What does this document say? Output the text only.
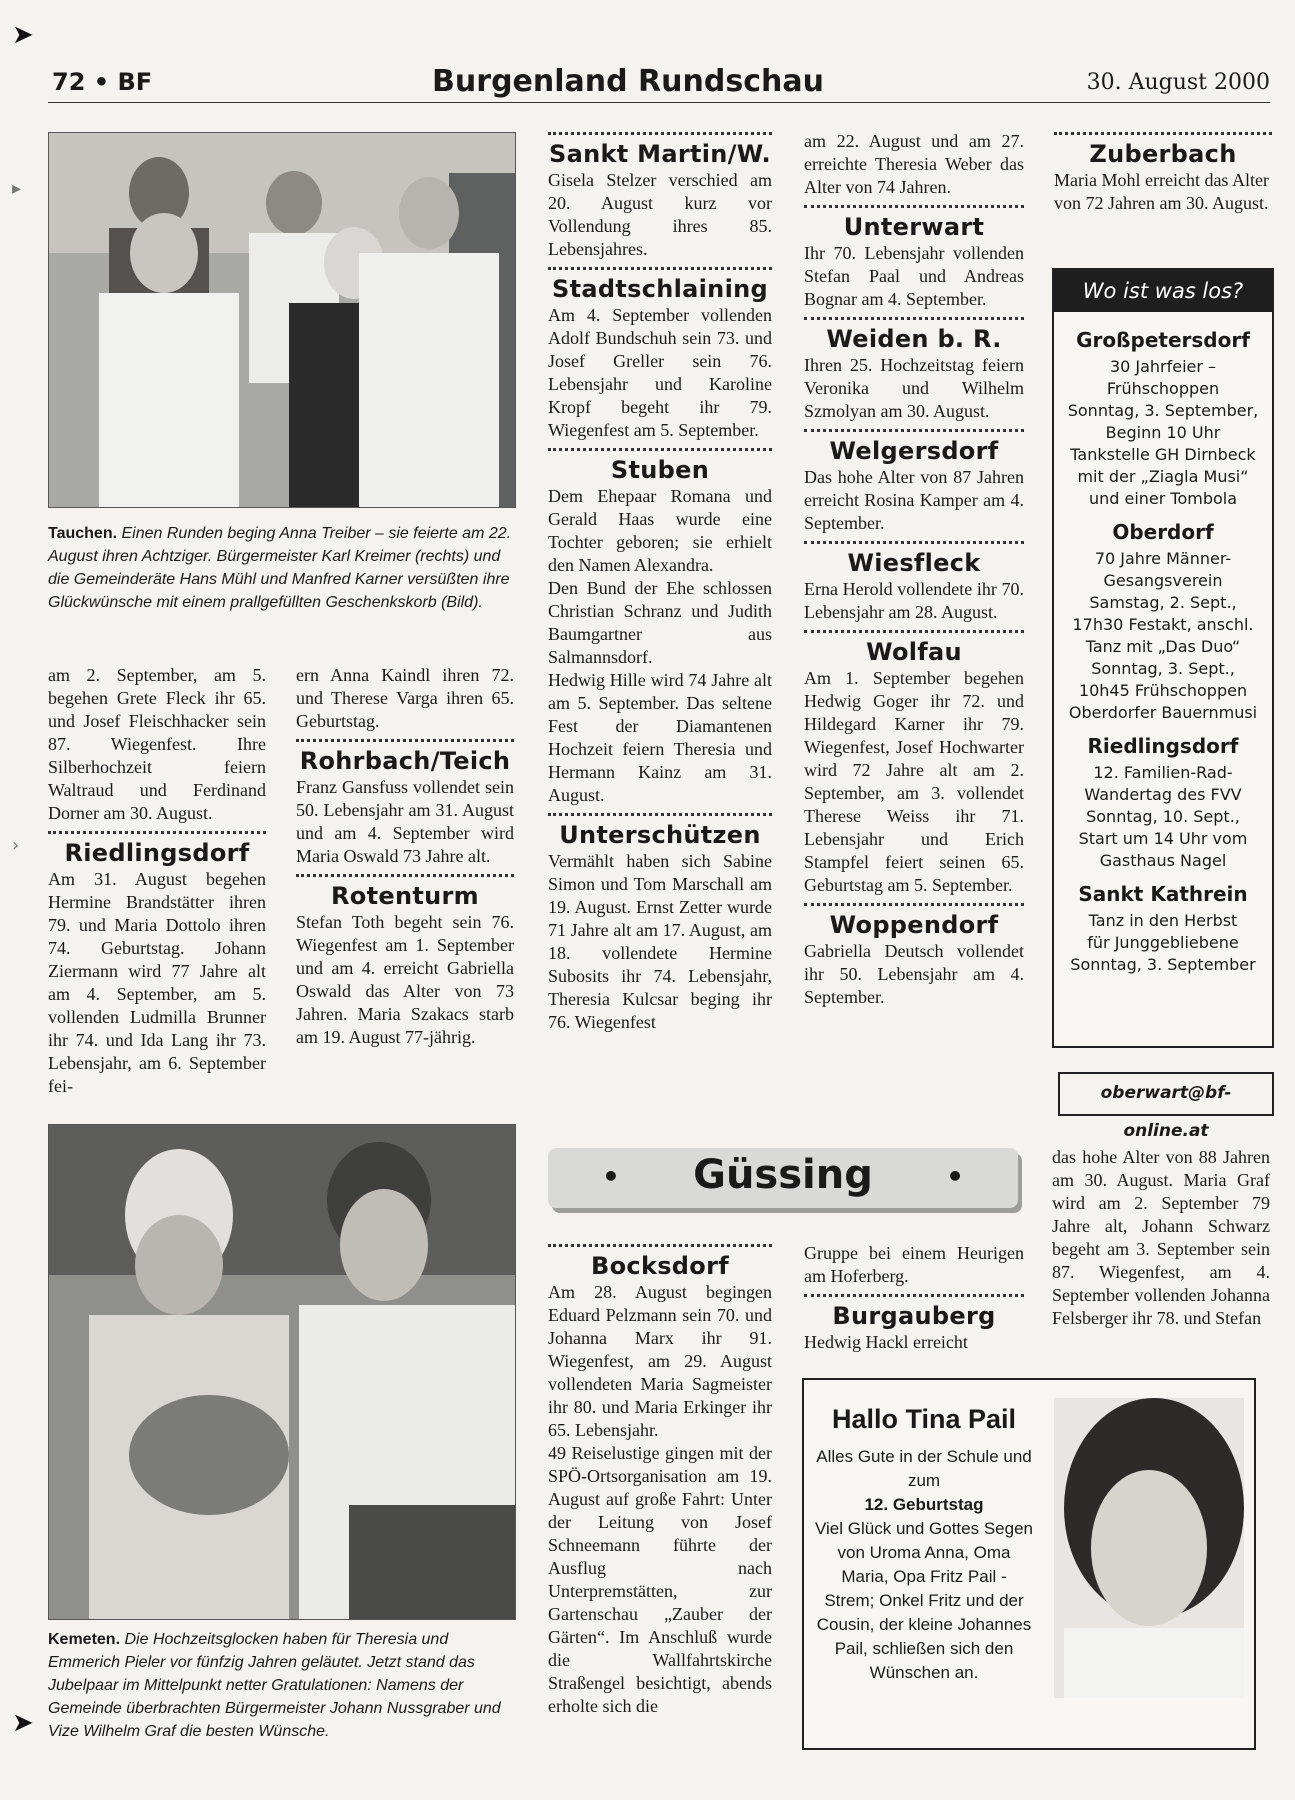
72 • BF	Burgenland Rundschau	30. August 2000
➤
▸
›
➤
Tauchen. Einen Runden beging Anna Treiber – sie feierte am 22. August ihren Achtziger. Bürgermeister Karl Kreimer (rechts) und die Gemeinderäte Hans Mühl und Manfred Karner versüßten ihre Glückwünsche mit einem prallgefüllten Geschenkskorb (Bild).
am 2. September, am 5. begehen Grete Fleck ihr 65. und Josef Fleischhacker sein 87. Wiegenfest. Ihre Silberhochzeit feiern Waltraud und Ferdinand Dorner am 30. August.
Riedlingsdorf
Am 31. August begehen Hermine Brandstätter ihren 79. und Maria Dottolo ihren 74. Geburtstag. Johann Ziermann wird 77 Jahre alt am 4. September, am 5. vollenden Ludmilla Brunner ihr 74. und Ida Lang ihr 73. Lebensjahr, am 6. September fei-
ern Anna Kaindl ihren 72. und Therese Varga ihren 65. Geburtstag.
Rohrbach/Teich
Franz Gansfuss vollendet sein 50. Lebensjahr am 31. August und am 4. September wird Maria Oswald 73 Jahre alt.
Rotenturm
Stefan Toth begeht sein 76. Wiegenfest am 1. September und am 4. erreicht Gabriella Oswald das Alter von 73 Jahren. Maria Szakacs starb am 19. August 77-jährig.
Sankt Martin/W.
Gisela Stelzer verschied am 20. August kurz vor Vollendung ihres 85. Lebensjahres.
Stadtschlaining
Am 4. September vollenden Adolf Bundschuh sein 73. und Josef Greller sein 76. Lebensjahr und Karoline Kropf begeht ihr 79. Wiegenfest am 5. September.
Stuben
Dem Ehepaar Romana und Gerald Haas wurde eine Tochter geboren; sie erhielt den Namen Alexandra.
Den Bund der Ehe schlossen Christian Schranz und Judith Baumgartner aus Salmannsdorf.
Hedwig Hille wird 74 Jahre alt am 5. September. Das seltene Fest der Diamantenen Hochzeit feiern Theresia und Hermann Kainz am 31. August.
Unterschützen
Vermählt haben sich Sabine Simon und Tom Marschall am 19. August. Ernst Zetter wurde 71 Jahre alt am 17. August, am 18. vollendete Hermine Subosits ihr 74. Lebensjahr, Theresia Kulcsar beging ihr 76. Wiegenfest
am 22. August und am 27. erreichte Theresia Weber das Alter von 74 Jahren.
Unterwart
Ihr 70. Lebensjahr vollenden Stefan Paal und Andreas Bognar am 4. September.
Weiden b. R.
Ihren 25. Hochzeitstag feiern Veronika und Wilhelm Szmolyan am 30. August.
Welgersdorf
Das hohe Alter von 87 Jahren erreicht Rosina Kamper am 4. September.
Wiesfleck
Erna Herold vollendete ihr 70. Lebensjahr am 28. August.
Wolfau
Am 1. September begehen Hedwig Goger ihr 72. und Hildegard Karner ihr 79. Wiegenfest, Josef Hochwarter wird 72 Jahre alt am 2. September, am 3. vollendet Therese Weiss ihr 71. Lebensjahr und Erich Stampfel feiert seinen 65. Geburtstag am 5. September.
Woppendorf
Gabriella Deutsch vollendet ihr 50. Lebensjahr am 4. September.
Zuberbach
Maria Mohl erreicht das Alter von 72 Jahren am 30. August.
Wo ist was los?
Großpetersdorf
30 Jahrfeier –
Frühschoppen
Sonntag, 3. September,
Beginn 10 Uhr
Tankstelle GH Dirnbeck
mit der „Ziagla Musi“
und einer Tombola
Oberdorf
70 Jahre Männer-
Gesangsverein
Samstag, 2. Sept.,
17h30 Festakt, anschl.
Tanz mit „Das Duo“
Sonntag, 3. Sept.,
10h45 Frühschoppen
Oberdorfer Bauernmusi
Riedlingsdorf
12. Familien-Rad-
Wandertag des FVV
Sonntag, 10. Sept.,
Start um 14 Uhr vom
Gasthaus Nagel
Sankt Kathrein
Tanz in den Herbst
für Junggebliebene
Sonntag, 3. September
oberwart@bf-online.at
Kemeten. Die Hochzeitsglocken haben für Theresia und Emmerich Pieler vor fünfzig Jahren geläutet. Jetzt stand das Jubelpaar im Mittelpunkt netter Gratulationen: Namens der Gemeinde überbrachten Bürgermeister Johann Nussgraber und Vize Wilhelm Graf die besten Wünsche.
•	Güssing	•
Bocksdorf
Am 28. August begingen Eduard Pelzmann sein 70. und Johanna Marx ihr 91. Wiegenfest, am 29. August vollendeten Maria Sagmeister ihr 80. und Maria Erkinger ihr 65. Lebensjahr.
49 Reiselustige gingen mit der SPÖ-Ortsorganisation am 19. August auf große Fahrt: Unter der Leitung von Josef Schneemann führte der Ausflug nach Unterpremstätten, zur Gartenschau „Zauber der Gärten“. Im Anschluß wurde die Wallfahrtskirche Straßengel besichtigt, abends erholte sich die
Gruppe bei einem Heurigen am Hoferberg.
Burgauberg
Hedwig Hackl erreicht
das hohe Alter von 88 Jahren am 30. August. Maria Graf wird am 2. September 79 Jahre alt, Johann Schwarz begeht am 3. September sein 87. Wiegenfest, am 4. September vollenden Johanna Felsberger ihr 78. und Stefan
Hallo Tina Pail
Alles Gute in der Schule und zum
12. Geburtstag
Viel Glück und Gottes Segen von Uroma Anna, Oma Maria, Opa Fritz Pail - Strem; Onkel Fritz und der Cousin, der kleine Johannes Pail, schließen sich den Wünschen an.
